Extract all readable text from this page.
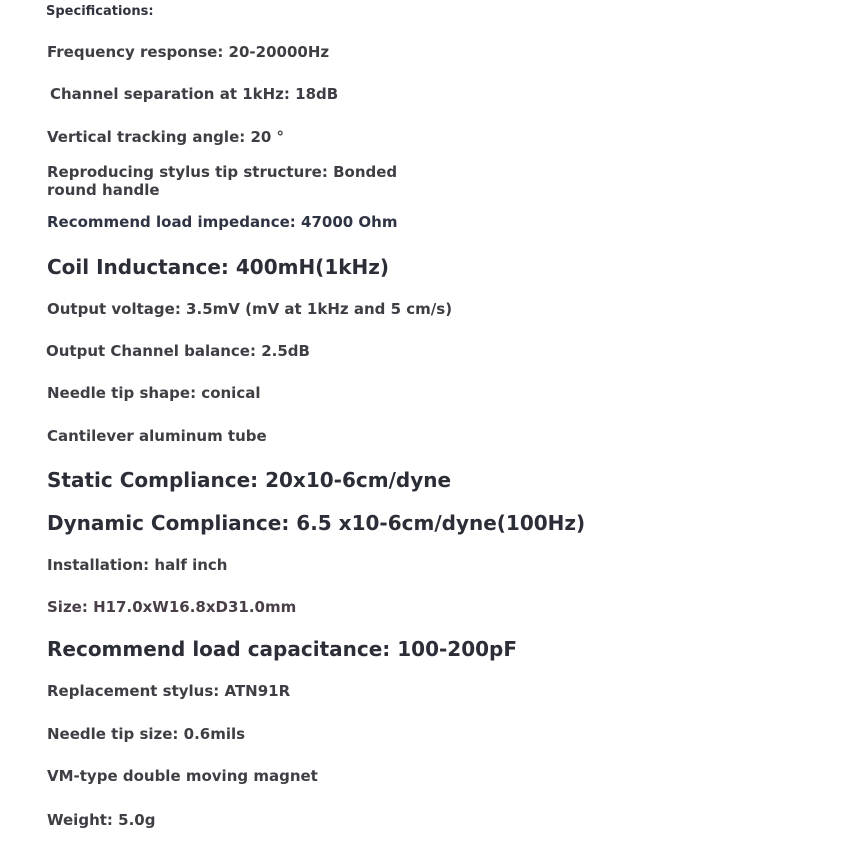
Specifications:
Frequency response: 20-20000Hz
Channel separation at 1kHz: 18dB
Vertical tracking angle: 20 °
Reproducing stylus tip structure: Bonded round handle
Recommend load impedance: 47000 Ohm
Coil Inductance: 400mH(1kHz)
Output voltage: 3.5mV (mV at 1kHz and 5 cm/s)
Output Channel balance: 2.5dB
Needle tip shape: conical
Cantilever aluminum tube
Static Compliance: 20x10-6cm/dyne
Dynamic Compliance: 6.5 x10-6cm/dyne(100Hz)
Installation: half inch
Size: H17.0xW16.8xD31.0mm
Recommend load capacitance: 100-200pF
Replacement stylus: ATN91R
Needle tip size: 0.6mils
VM-type double moving magnet
Weight: 5.0g
